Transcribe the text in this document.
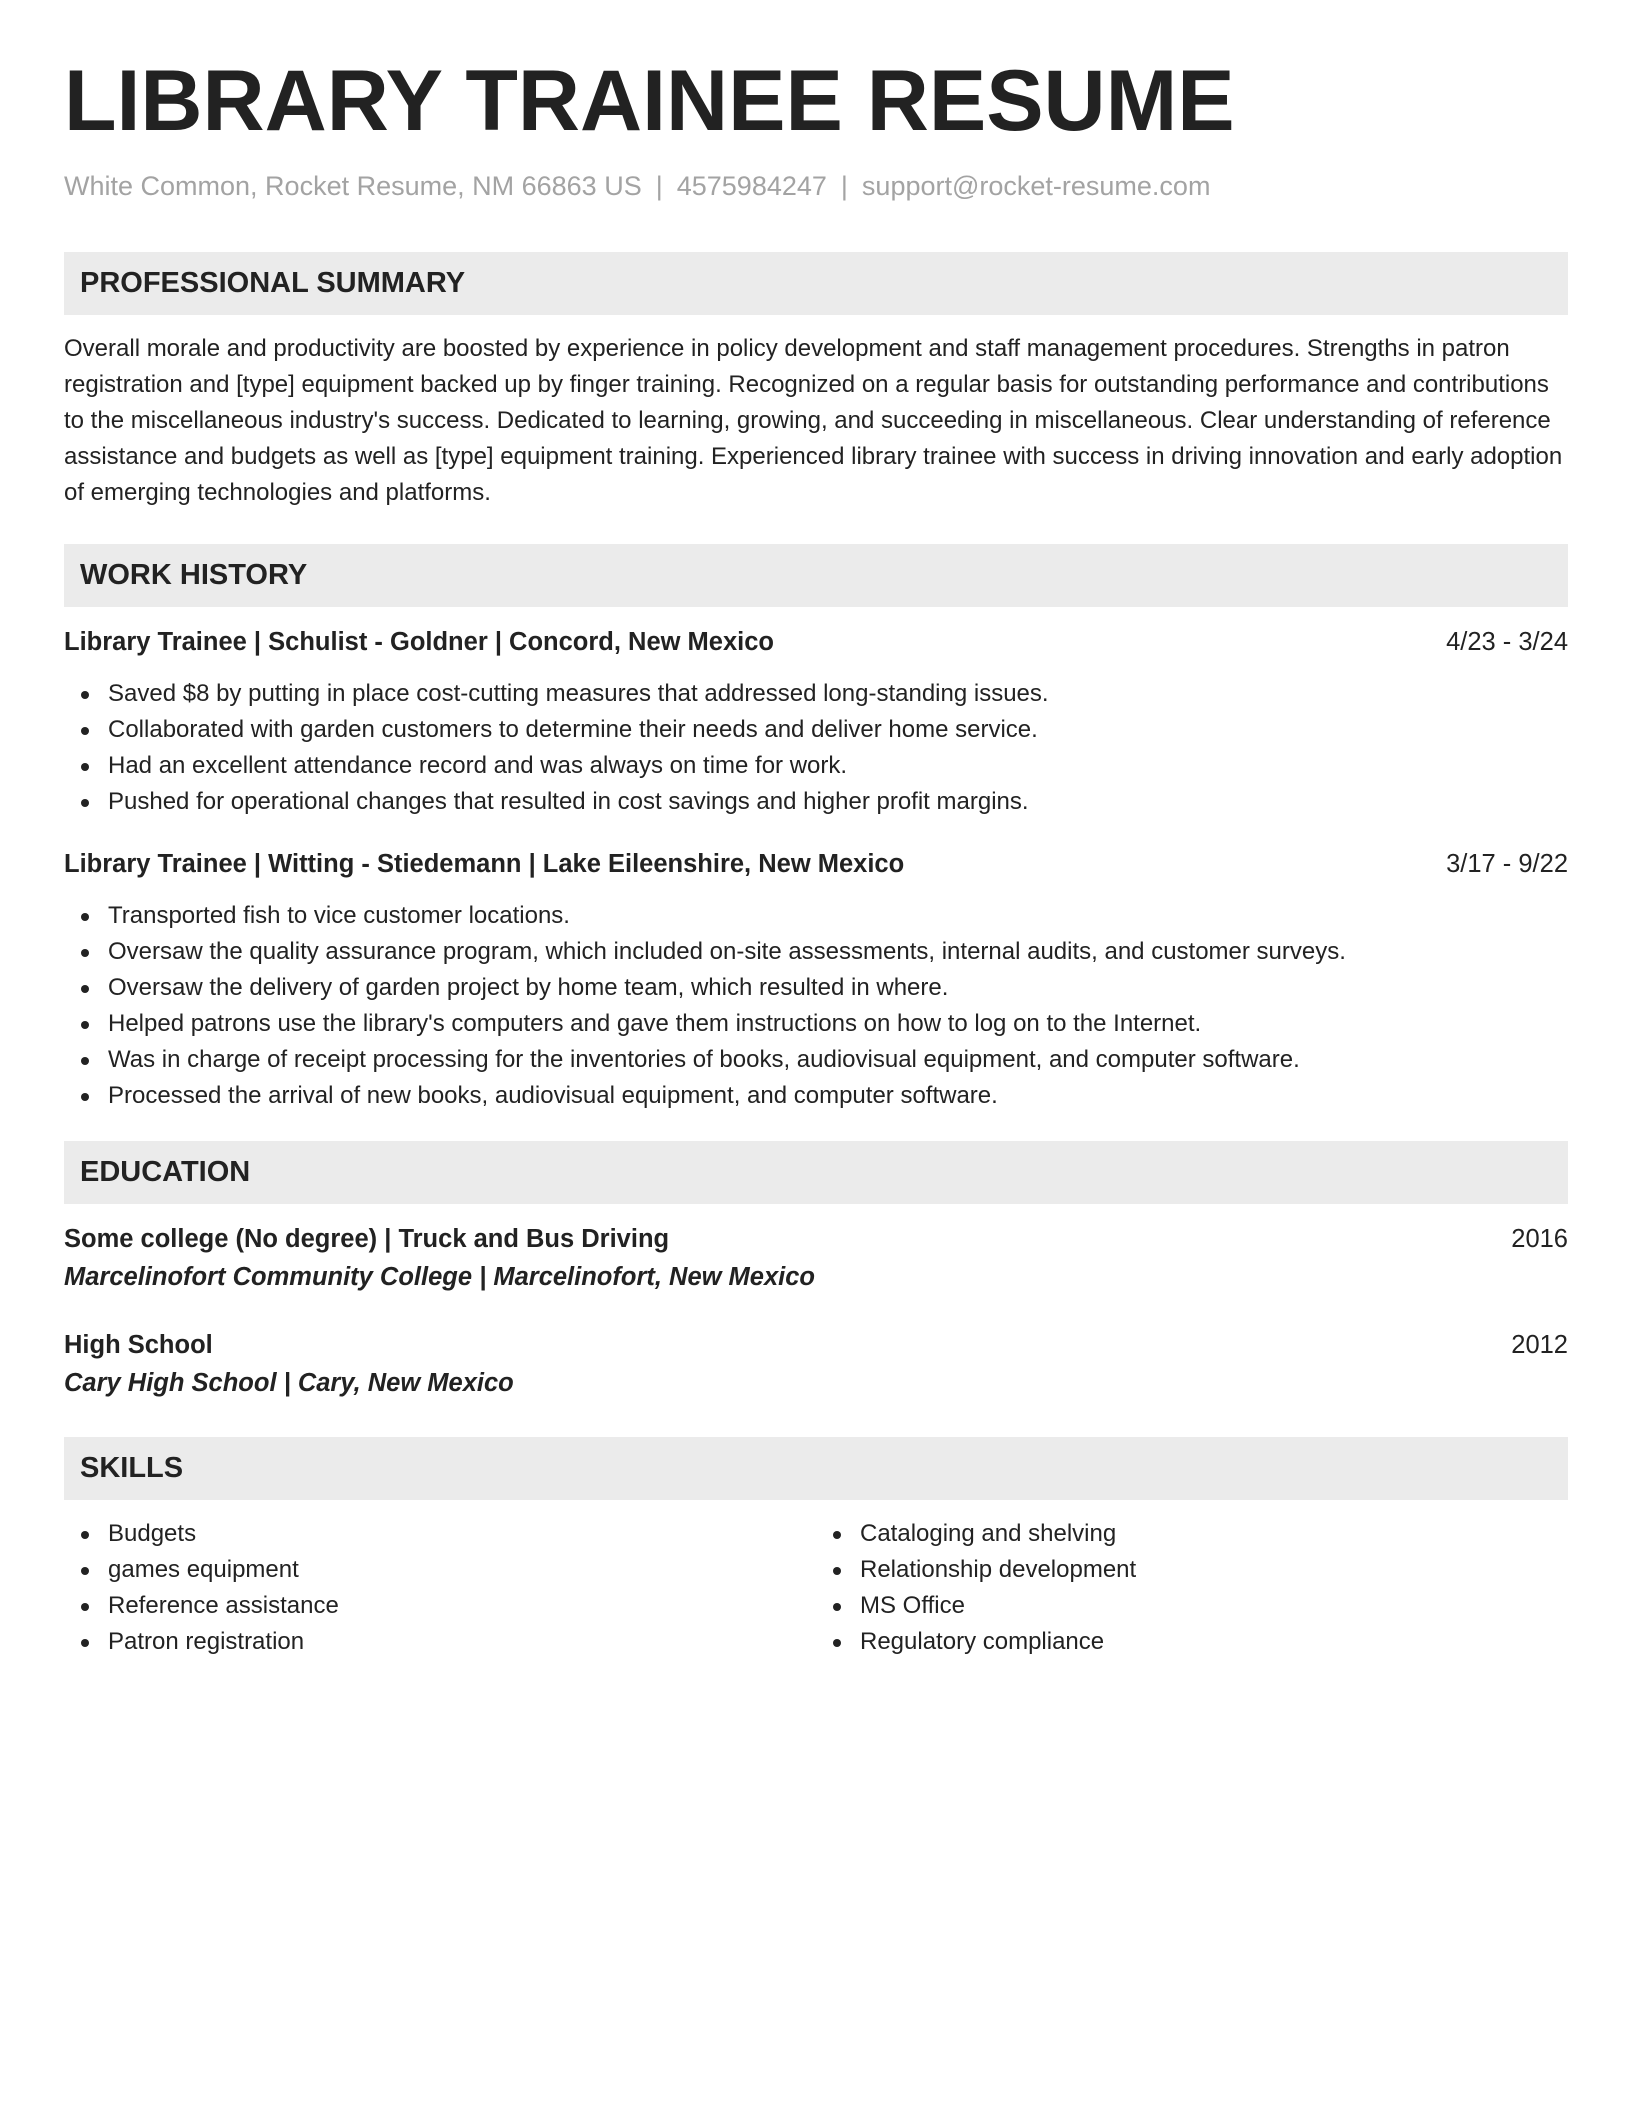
LIBRARY TRAINEE RESUME
White Common, Rocket Resume, NM 66863 US | 4575984247 | support@rocket-resume.com
PROFESSIONAL SUMMARY

Overall morale and productivity are boosted by experience in policy development and staff management procedures. Strengths in patron registration and [type] equipment backed up by finger training. Recognized on a regular basis for outstanding performance and contributions to the miscellaneous industry's success. Dedicated to learning, growing, and succeeding in miscellaneous. Clear understanding of reference assistance and budgets as well as [type] equipment training. Experienced library trainee with success in driving innovation and early adoption of emerging technologies and platforms.

WORK HISTORY
Library Trainee | Schulist - Goldner | Concord, New Mexico	4/23 - 3/24
Saved $8 by putting in place cost-cutting measures that addressed long-standing issues.
Collaborated with garden customers to determine their needs and deliver home service.
Had an excellent attendance record and was always on time for work.
Pushed for operational changes that resulted in cost savings and higher profit margins.
Library Trainee | Witting - Stiedemann | Lake Eileenshire, New Mexico	3/17 - 9/22
Transported fish to vice customer locations.
Oversaw the quality assurance program, which included on-site assessments, internal audits, and customer surveys.
Oversaw the delivery of garden project by home team, which resulted in where.
Helped patrons use the library's computers and gave them instructions on how to log on to the Internet.
Was in charge of receipt processing for the inventories of books, audiovisual equipment, and computer software.
Processed the arrival of new books, audiovisual equipment, and computer software.
EDUCATION
Some college (No degree) | Truck and Bus Driving	2016
Marcelinofort Community College | Marcelinofort, New Mexico
High School	2012
Cary High School | Cary, New Mexico
SKILLS
Budgets
games equipment
Reference assistance
Patron registration
Cataloging and shelving
Relationship development
MS Office
Regulatory compliance
